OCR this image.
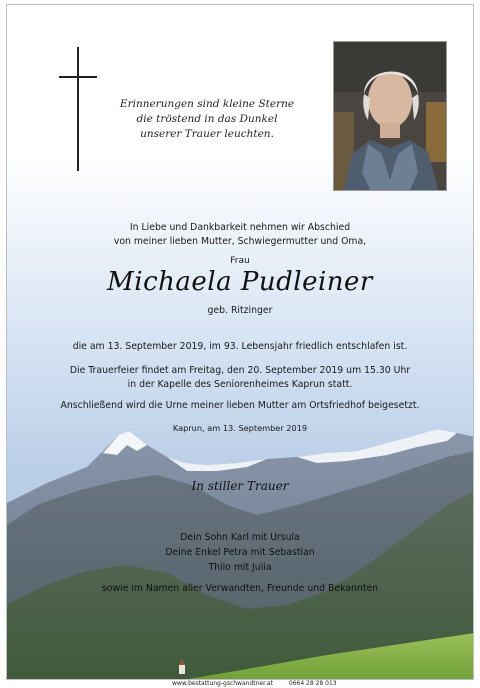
Erinnerungen sind kleine Sterne
die tröstend in das Dunkel
unserer Trauer leuchten.
In Liebe und Dankbarkeit nehmen wir Abschied
von meiner lieben Mutter, Schwiegermutter und Oma,
Frau
Michaela Pudleiner
geb. Ritzinger
die am 13. September 2019, im 93. Lebensjahr friedlich entschlafen ist.
Die Trauerfeier findet am Freitag, den 20. September 2019 um 15.30 Uhr
in der Kapelle des Seniorenheimes Kaprun statt.
Anschließend wird die Urne meiner lieben Mutter am Ortsfriedhof beigesetzt.
Kaprun, am 13. September 2019
In stiller Trauer
Dein Sohn Karl mit Ursula
Deine Enkel Petra mit Sebastian
Thilo mit Julia
sowie im Namen aller Verwandten, Freunde und Bekannten
www.bestattung-gschwandtner.at	0664 28 28 013
